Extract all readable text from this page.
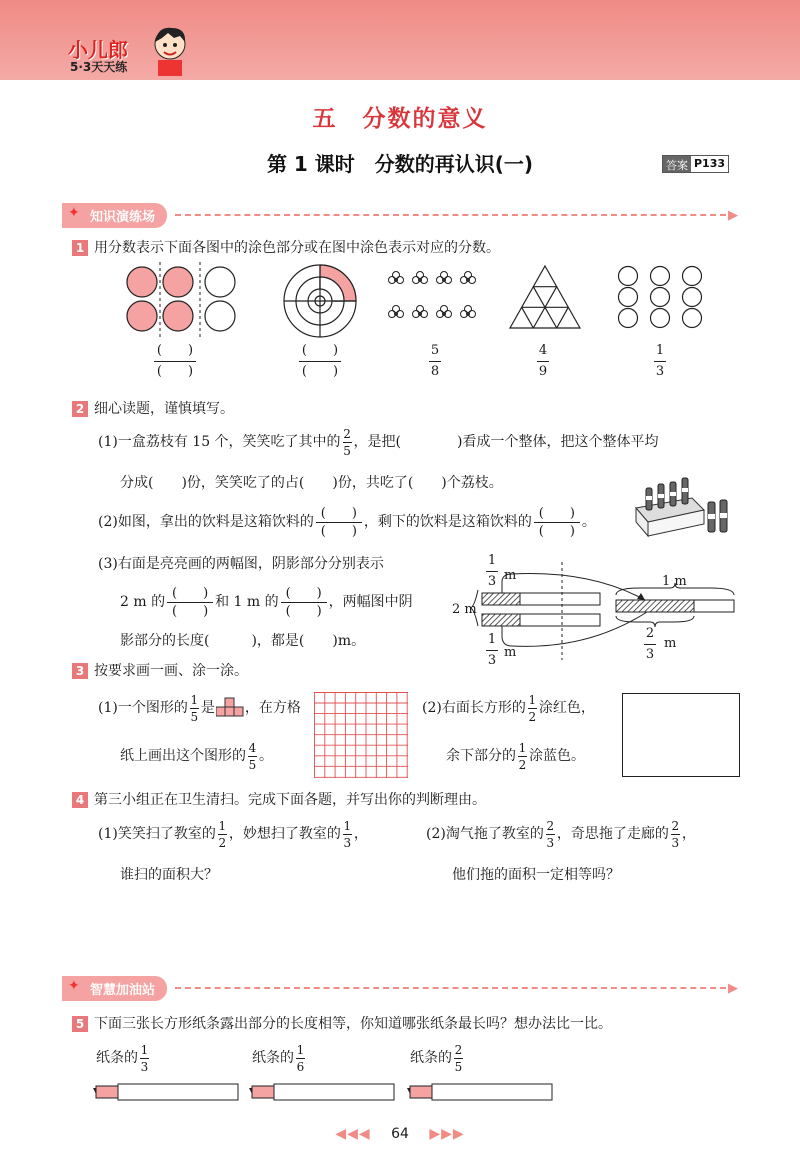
小儿郎
5·3天天练
五　分数的意义
第 1 课时　分数的再认识(一)	答案 P133
✦ 知识演练场	▶
1 用分数表示下面各图中的涂色部分或在图中涂色表示对应的分数。
(　　)
(　　)
(　　)
(　　)
5
8
4
9
1
3
2 细心读题，谨慎填写。
(1)一盒荔枝有 15 个，笑笑吃了其中的 $\frac{2}{5}$ ，是把(　　　　)看成一个整体，把这个整体平均
分成(　　)份，笑笑吃了的占(　　)份，共吃了(　　)个荔枝。
(2)如图，拿出的饮料是这箱饮料的
(　　)
(　　)
，剩下的饮料是这箱饮料的
(　　)
(　　)
。
(3)右面是亮亮画的两幅图，阴影部分分别表示
2 m 的
(　　)
(　　)
和 1 m 的
(　　)
(　　)
，两幅图中阴
影部分的长度(　　　)，都是(　　)m。
1
3 m
2 m
1
3
m
1 m
2
3
m
3 按要求画一画、涂一涂。
(1)一个图形的 $\frac{1}{5}$ 是 ，在方格
纸上画出这个图形的 $\frac{4}{5}$ 。
(2)右面长方形的 $\frac{1}{2}$ 涂红色，
余下部分的 $\frac{1}{2}$ 涂蓝色。
4 第三小组正在卫生清扫。完成下面各题，并写出你的判断理由。
(1)笑笑扫了教室的 $\frac{1}{2}$ ，妙想扫了教室的 $\frac{1}{3}$ ，
谁扫的面积大？
(2)淘气拖了教室的 $\frac{2}{3}$ ，奇思拖了走廊的 $\frac{2}{3}$ ，
他们拖的面积一定相等吗？
✦ 智慧加油站	▶
5 下面三张长方形纸条露出部分的长度相等，你知道哪张纸条最长吗？想办法比一比。
纸条的 $\frac{1}{3}$	纸条的 $\frac{1}{6}$	纸条的 $\frac{2}{5}$
◀◀◀ 64 ▶▶▶
